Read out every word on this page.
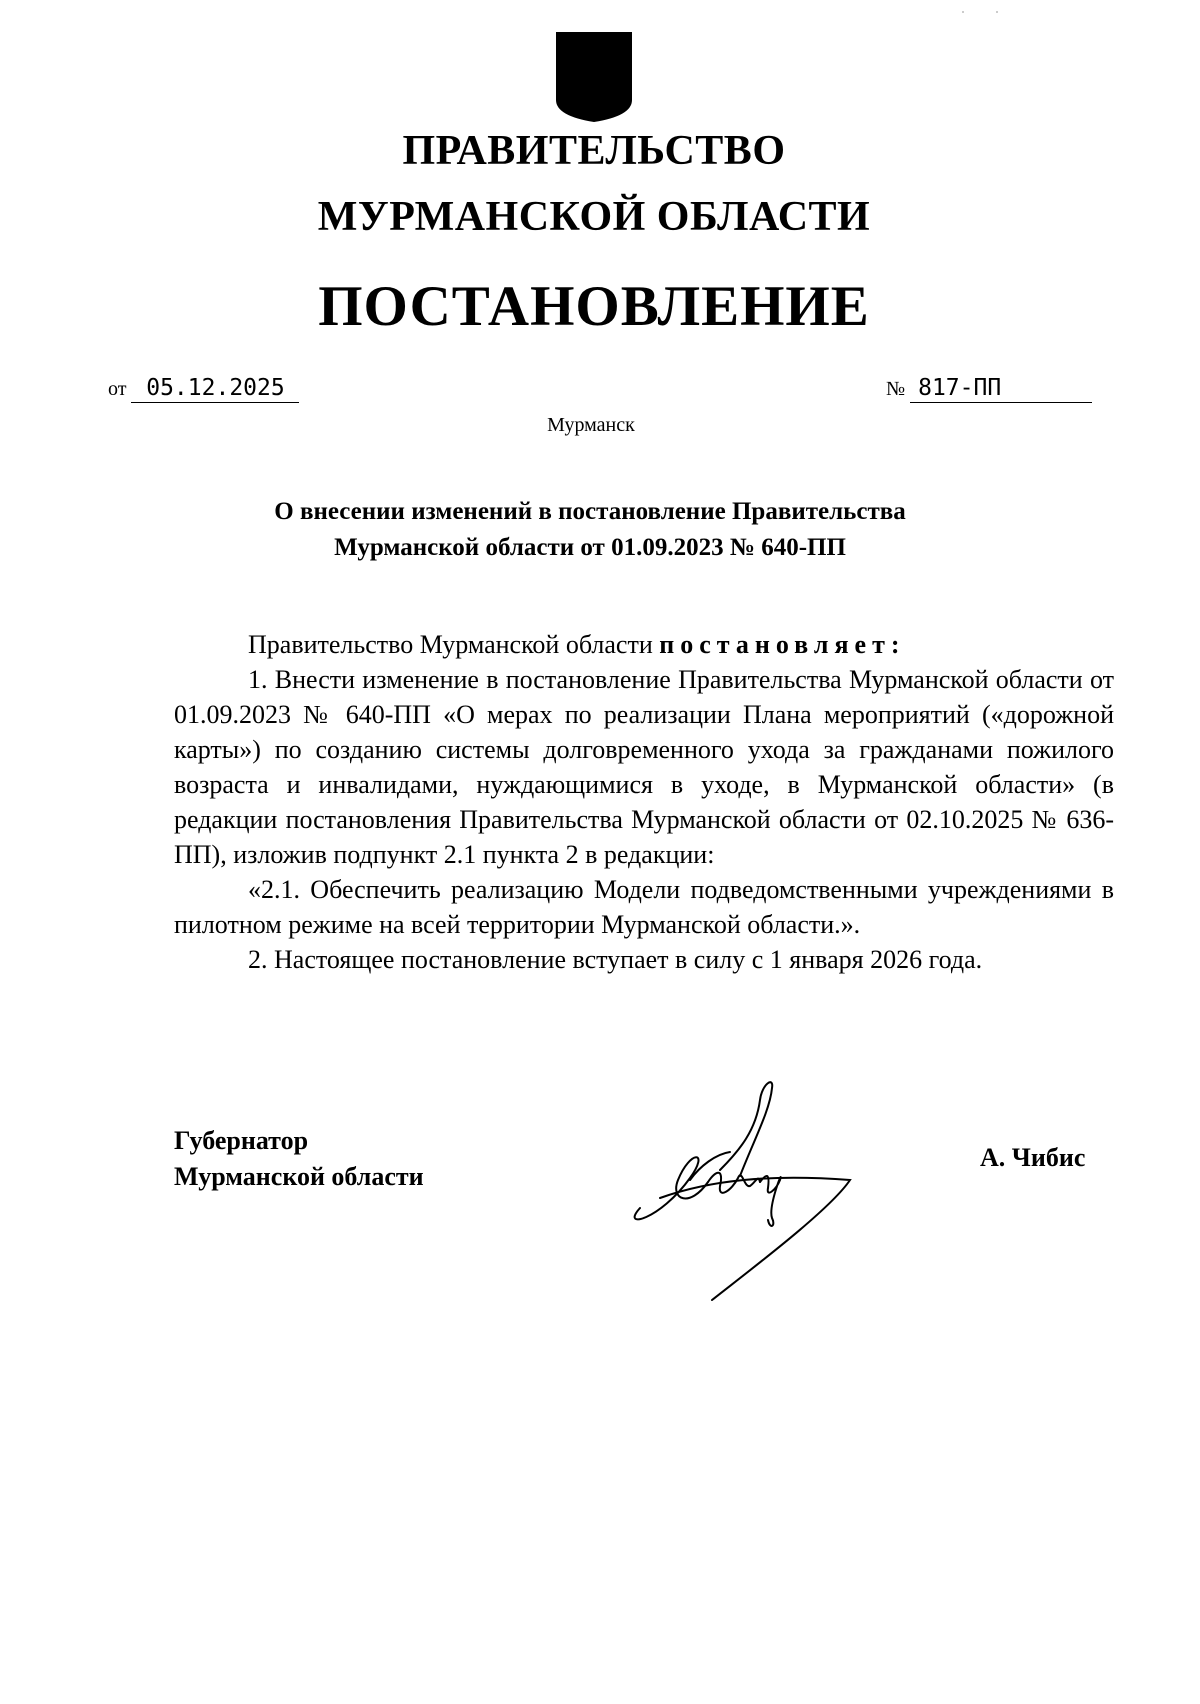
ПРАВИТЕЛЬСТВО
МУРМАНСКОЙ ОБЛАСТИ
ПОСТАНОВЛЕНИЕ
от 05.12.2025	№ 817-ПП
Мурманск
О внесении изменений в постановление Правительства
Мурманской области от 01.09.2023 № 640-ПП

Правительство Мурманской области постановляет:

1. Внести изменение в постановление Правительства Мурманской области от 01.09.2023 № 640-ПП «О мерах по реализации Плана мероприятий («дорожной карты») по созданию системы долговременного ухода за гражданами пожилого возраста и инвалидами, нуждающимися в уходе, в Мурманской области» (в редакции постановления Правительства Мурманской области от 02.10.2025 № 636-ПП), изложив подпункт 2.1 пункта 2 в редакции:

«2.1. Обеспечить реализацию Модели подведомственными учреждениями в пилотном режиме на всей территории Мурманской области.».

2. Настоящее постановление вступает в силу с 1 января 2026 года.

Губернатор
Мурманской области
А. Чибис
